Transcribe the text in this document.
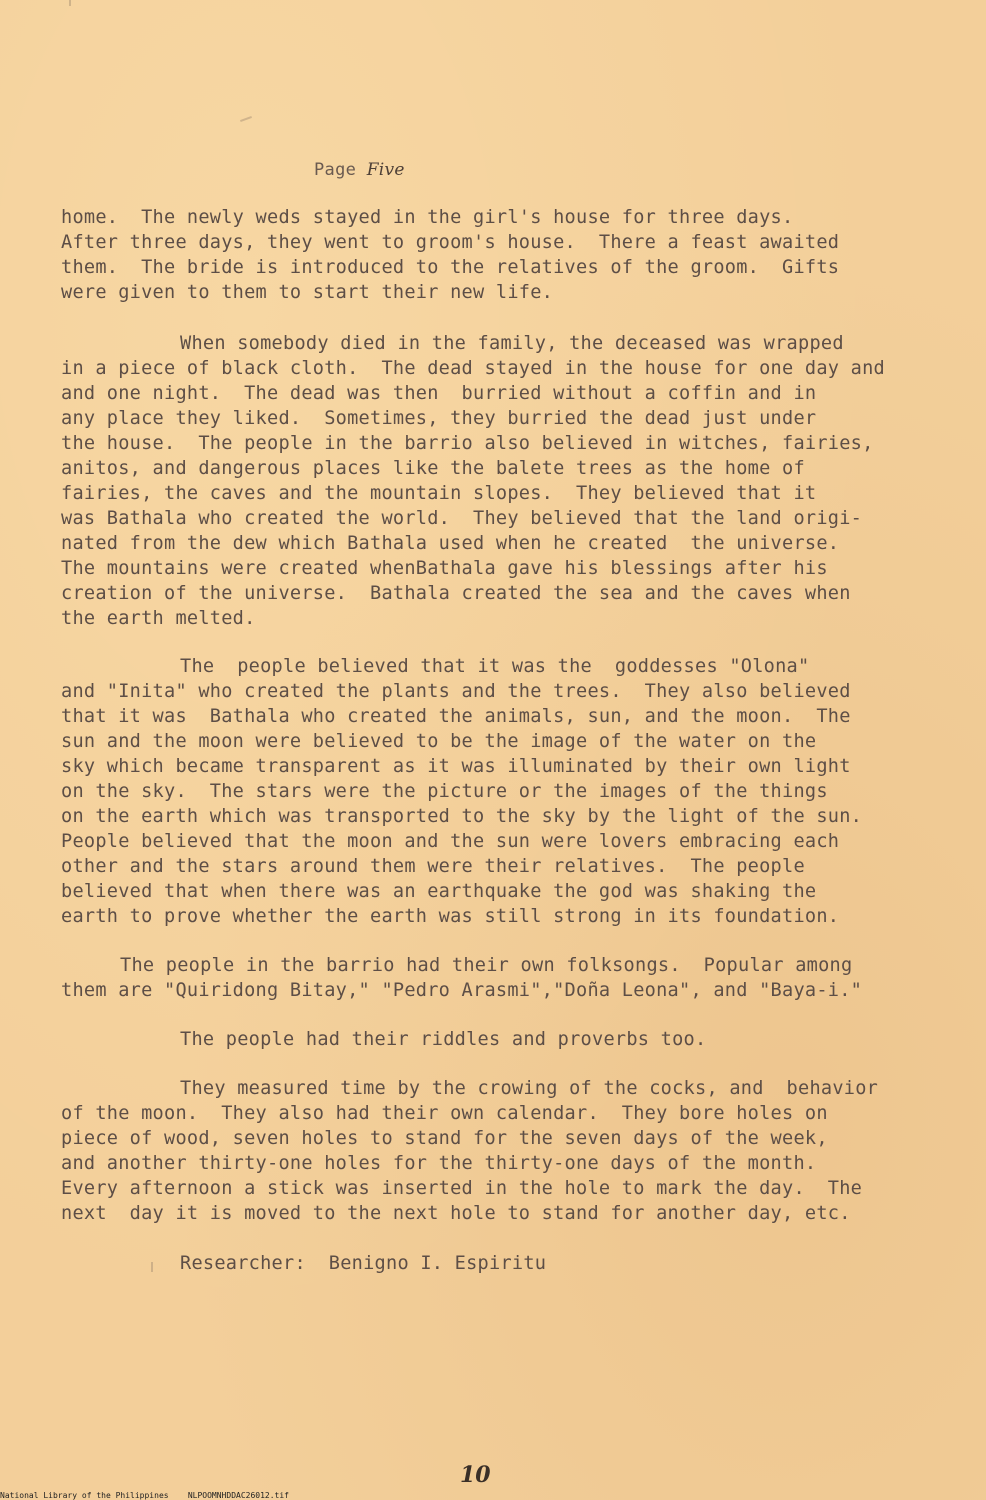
Page Five
home.  The newly weds stayed in the girl's house for three days.
After three days, they went to groom's house.  There a feast awaited
them.  The bride is introduced to the relatives of the groom.  Gifts
were given to them to start their new life.
When somebody died in the family, the deceased was wrapped
in a piece of black cloth.  The dead stayed in the house for one day and
and one night.  The dead was then  burried without a coffin and in
any place they liked.  Sometimes, they burried the dead just under
the house.  The people in the barrio also believed in witches, fairies,
anitos, and dangerous places like the balete trees as the home of
fairies, the caves and the mountain slopes.  They believed that it
was Bathala who created the world.  They believed that the land origi-
nated from the dew which Bathala used when he created  the universe.
The mountains were created whenBathala gave his blessings after his
creation of the universe.  Bathala created the sea and the caves when
the earth melted.
The  people believed that it was the  goddesses "Olona"
and "Inita" who created the plants and the trees.  They also believed
that it was  Bathala who created the animals, sun, and the moon.  The
sun and the moon were believed to be the image of the water on the
sky which became transparent as it was illuminated by their own light
on the sky.  The stars were the picture or the images of the things
on the earth which was transported to the sky by the light of the sun.
People believed that the moon and the sun were lovers embracing each
other and the stars around them were their relatives.  The people
believed that when there was an earthquake the god was shaking the
earth to prove whether the earth was still strong in its foundation.
The people in the barrio had their own folksongs.  Popular among
them are "Quiridong Bitay," "Pedro Arasmi","Doña Leona", and "Baya-i."
The people had their riddles and proverbs too.
They measured time by the crowing of the cocks, and  behavior
of the moon.  They also had their own calendar.  They bore holes on
piece of wood, seven holes to stand for the seven days of the week,
and another thirty-one holes for the thirty-one days of the month.
Every afternoon a stick was inserted in the hole to mark the day.  The
next  day it is moved to the next hole to stand for another day, etc.
Researcher:  Benigno I. Espiritu
10
National Library of the Philippines    NLPOOMNHDDAC26012.tif
